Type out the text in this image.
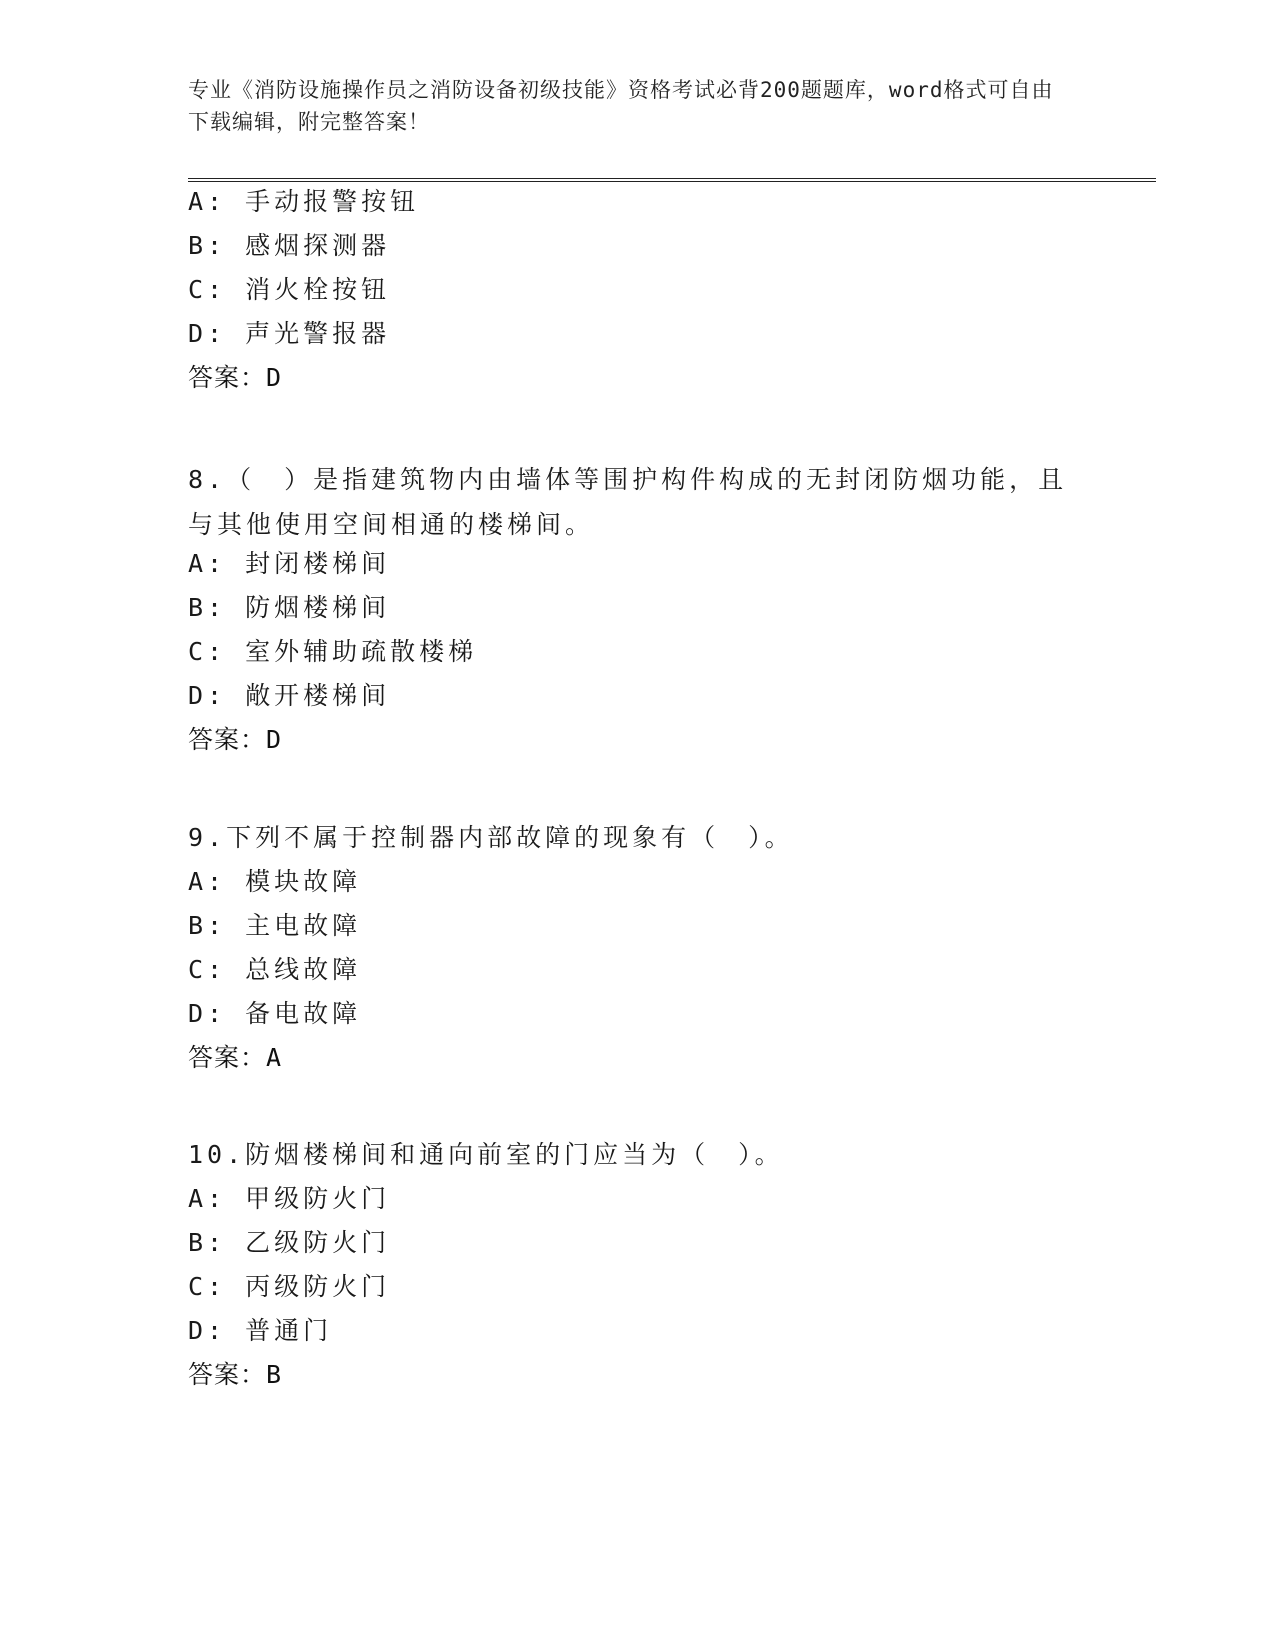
专业《消防设施操作员之消防设备初级技能》资格考试必背200题题库，word格式可自由下载编辑，附完整答案！
A: 手动报警按钮
B: 感烟探测器
C: 消火栓按钮
D: 声光警报器
答案：D
8.（　）是指建筑物内由墙体等围护构件构成的无封闭防烟功能，且与其他使用空间相通的楼梯间。
A: 封闭楼梯间
B: 防烟楼梯间
C: 室外辅助疏散楼梯
D: 敞开楼梯间
答案：D
9.下列不属于控制器内部故障的现象有（　）。
A: 模块故障
B: 主电故障
C: 总线故障
D: 备电故障
答案：A
10.防烟楼梯间和通向前室的门应当为（　）。
A: 甲级防火门
B: 乙级防火门
C: 丙级防火门
D: 普通门
答案：B
